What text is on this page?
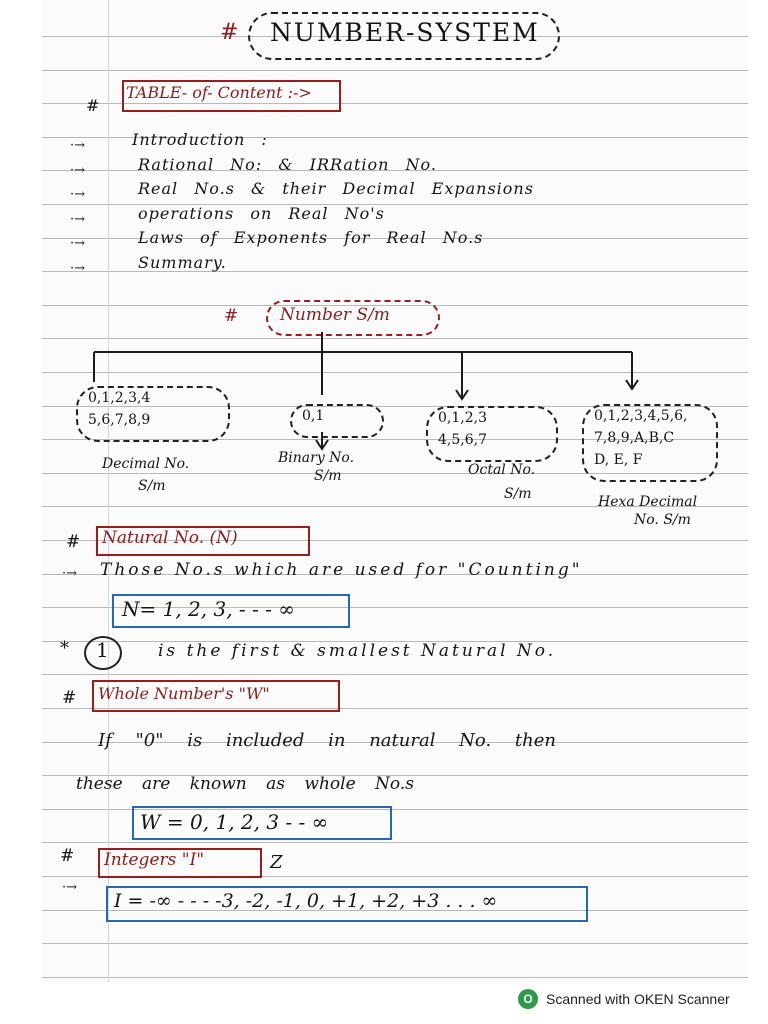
# NUMBER-SYSTEM
#
TABLE- of- Content :->
·→	Introduction :
·→	Rational No: & IRRation No.
·→	Real No.s & their Decimal Expansions
·→	operations on Real No's
·→	Laws of Exponents for Real No.s
·→	Summary.
# Number S/m
0,1,2,3,4
5,6,7,8,9
Decimal No.
S/m
0,1
Binary No.
S/m
0,1,2,3
4,5,6,7
Octal No.
S/m
0,1,2,3,4,5,6,
7,8,9,A,B,C
D, E, F
Hexa Decimal
No. S/m
# Natural No. (N)
·→ Those No.s which are used for "Counting"
N= 1, 2, 3, - - - ∞
* 1	is the first & smallest Natural No.
# Whole Number's "W"
If "0" is included in natural No. then
these are known as whole No.s
W = 0, 1, 2, 3 - - ∞
# Integers "I"	Z
·→
I = -∞ - - - -3, -2, -1, 0, +1, +2, +3 . . . ∞
O Scanned with OKEN Scanner
